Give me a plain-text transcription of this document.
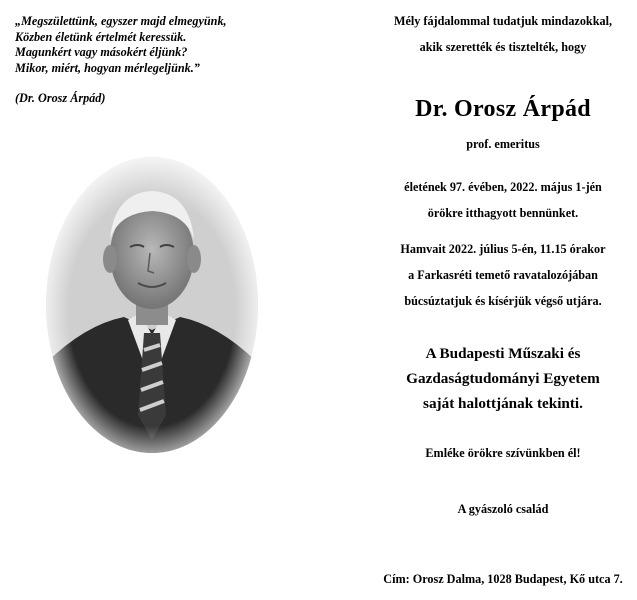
„Megszülettünk, egyszer majd elmegyünk,
Közben életünk értelmét keressük.
Magunkért vagy másokért éljünk?
Mikor, miért, hogyan mérlegeljünk.”
(Dr. Orosz Árpád)
Mély fájdalommal tudatjuk mindazokkal,
akik szerették és tisztelték, hogy
Dr. Orosz Árpád
prof. emeritus
életének 97. évében, 2022. május 1-jén
örökre itthagyott bennünket.
Hamvait 2022. július 5-én, 11.15 órakor
a Farkasréti temető ravatalozójában
búcsúztatjuk és kísérjük végső utjára.
A Budapesti Műszaki és
Gazdaságtudományi Egyetem
saját halottjának tekinti.
Emléke örökre szívünkben él!
A gyászoló család
Cím: Orosz Dalma, 1028 Budapest, Kő utca 7.
